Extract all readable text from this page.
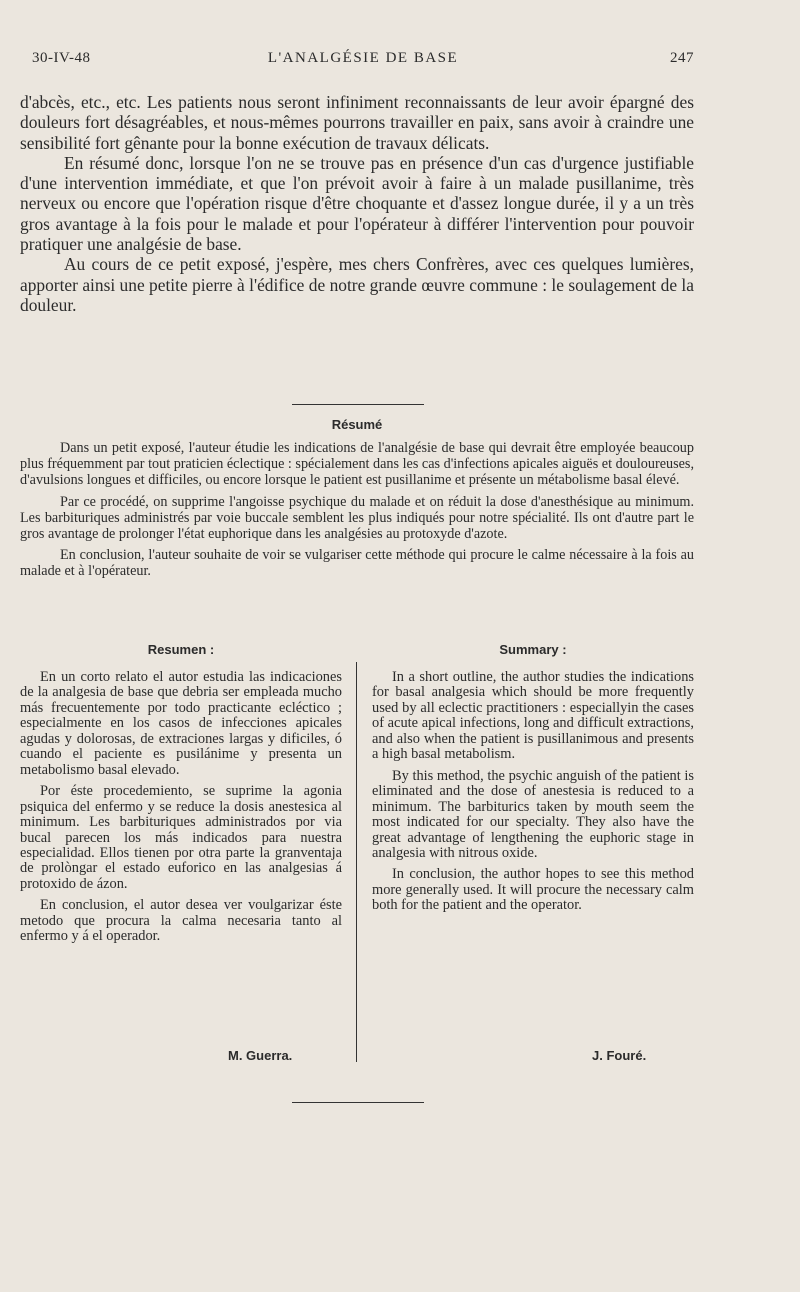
30-IV-48	L'ANALGÉSIE DE BASE	247

d'abcès, etc., etc. Les patients nous seront infiniment reconnaissants de leur avoir épargné des douleurs fort désagréables, et nous-mêmes pourrons travailler en paix, sans avoir à craindre une sensibilité fort gênante pour la bonne exécution de travaux délicats.

En résumé donc, lorsque l'on ne se trouve pas en présence d'un cas d'urgence justifiable d'une intervention immédiate, et que l'on prévoit avoir à faire à un malade pusillanime, très nerveux ou encore que l'opération risque d'être choquante et d'assez longue durée, il y a un très gros avantage à la fois pour le malade et pour l'opérateur à différer l'intervention pour pouvoir pratiquer une analgésie de base.

Au cours de ce petit exposé, j'espère, mes chers Confrères, avec ces quelques lumières, apporter ainsi une petite pierre à l'édifice de notre grande œuvre commune : le soulagement de la douleur.

Résumé

Dans un petit exposé, l'auteur étudie les indications de l'analgésie de base qui devrait être employée beaucoup plus fréquemment par tout praticien éclectique : spécialement dans les cas d'infections apicales aiguës et douloureuses, d'avulsions longues et difficiles, ou encore lorsque le patient est pusillanime et présente un métabolisme basal élevé.

Par ce procédé, on supprime l'angoisse psychique du malade et on réduit la dose d'anesthésique au minimum. Les barbituriques administrés par voie buccale semblent les plus indiqués pour notre spécialité. Ils ont d'autre part le gros avantage de prolonger l'état euphorique dans les analgésies au protoxyde d'azote.

En conclusion, l'auteur souhaite de voir se vulgariser cette méthode qui procure le calme nécessaire à la fois au malade et à l'opérateur.

Resumen :	Summary :

En un corto relato el autor estudia las indicaciones de la analgesia de base que debria ser empleada mucho más frecuentemente por todo practicante ecléctico ; especialmente en los casos de infecciones apicales agudas y dolorosas, de extraciones largas y dificiles, ó cuando el paciente es pusilánime y presenta un metabolismo basal elevado.

Por éste procedemiento, se suprime la agonia psiquica del enfermo y se reduce la dosis anestesica al minimum. Les barbituriques administrados por via bucal parecen los más indicados para nuestra especialidad. Ellos tienen por otra parte la granventaja de prolòngar el estado euforico en las analgesias á protoxido de ázon.

En conclusion, el autor desea ver voulgarizar éste metodo que procura la calma necesaria tanto al enfermo y á el operador.

In a short outline, the author studies the indications for basal analgesia which should be more frequently used by all eclectic practitioners : especiallyin the cases of acute apical infections, long and difficult extractions, and also when the patient is pusillanimous and presents a high basal metabolism.

By this method, the psychic anguish of the patient is eliminated and the dose of anestesia is reduced to a minimum. The barbiturics taken by mouth seem the most indicated for our specialty. They also have the great advantage of lengthening the euphoric stage in analgesia with nitrous oxide.

In conclusion, the author hopes to see this method more generally used. It will procure the necessary calm both for the patient and the operator.

M. Guerra.	J. Fouré.
